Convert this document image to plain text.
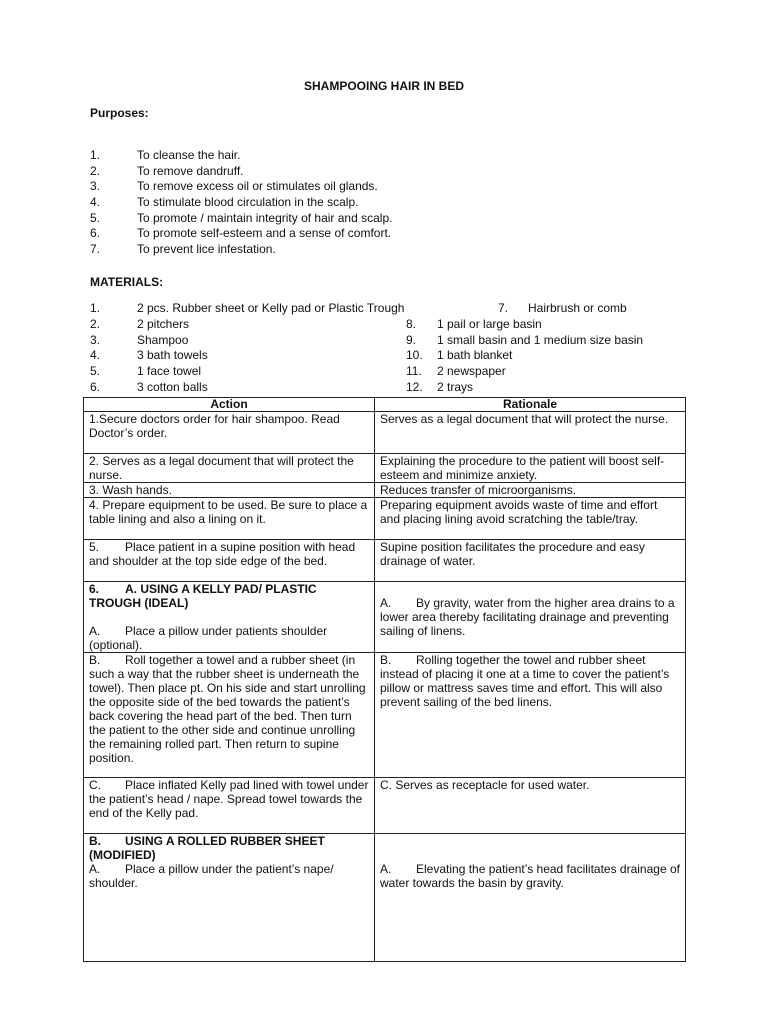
SHAMPOOING HAIR IN BED
Purposes:
1.	To cleanse the hair.
2.	To remove dandruff.
3.	To remove excess oil or stimulates oil glands.
4.	To stimulate blood circulation in the scalp.
5.	To promote / maintain integrity of hair and scalp.
6.	To promote self-esteem and a sense of comfort.
7.	To prevent lice infestation.
MATERIALS:
1.	2 pcs. Rubber sheet or Kelly pad or Plastic Trough	7. Hairbrush or comb
2.	2 pitchers	8. 1 pail or large basin
3.	Shampoo	9. 1 small basin and 1 medium size basin
4.	3 bath towels	10. 1 bath blanket
5.	1 face towel	11. 2 newspaper
6.	3 cotton balls	12. 2 trays
Action	Rationale
1.Secure doctors order for hair shampoo. Read Doctor’s order.	Serves as a legal document that will protect the nurse.
2. Serves as a legal document that will protect the nurse.	Explaining the procedure to the patient will boost self-esteem and minimize anxiety.
3. Wash hands.	Reduces transfer of microorganisms.
4. Prepare equipment to be used. Be sure to place a table lining and also a lining on it.	Preparing equipment avoids waste of time and effort and placing lining avoid scratching the table/tray.
5. Place patient in a supine position with head and shoulder at the top side edge of the bed.	Supine position facilitates the procedure and easy drainage of water.

6. A. USING A KELLY PAD/ PLASTIC TROUGH (IDEAL)
A. Place a pillow under patients shoulder (optional).	A. By gravity, water from the higher area drains to a lower area thereby facilitating drainage and preventing sailing of linens.

B. Roll together a towel and a rubber sheet (in such a way that the rubber sheet is underneath the towel). Then place pt. On his side and start unrolling the opposite side of the bed towards the patient’s back covering the head part of the bed. Then turn the patient to the other side and continue unrolling the remaining rolled part. Then return to supine position.	B. Rolling together the towel and rubber sheet instead of placing it one at a time to cover the patient’s pillow or mattress saves time and effort. This will also prevent sailing of the bed linens.
C. Place inflated Kelly pad lined with towel under the patient’s head / nape. Spread towel towards the end of the Kelly pad.	C. Serves as receptacle for used water.

B. USING A ROLLED RUBBER SHEET (MODIFIED)
A. Place a pillow under the patient’s nape/ shoulder.	A. Elevating the patient’s head facilitates drainage of water towards the basin by gravity.
